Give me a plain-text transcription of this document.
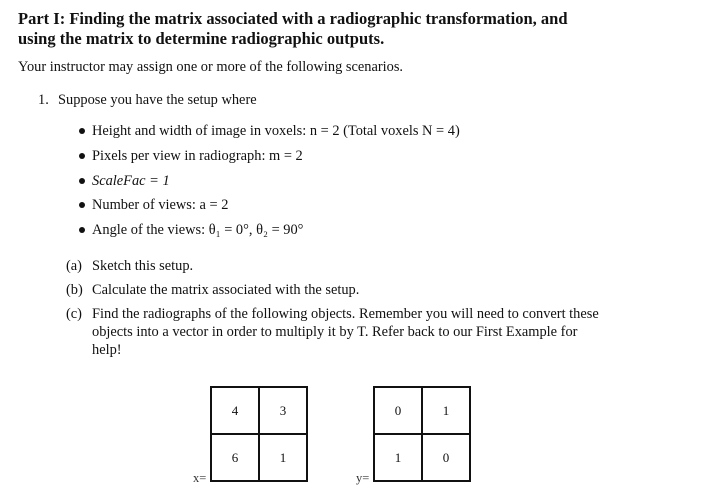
Part I: Finding the matrix associated with a radiographic transformation, and
using the matrix to determine radiographic outputs.
Your instructor may assign one or more of the following scenarios.
1. Suppose you have the setup where
Height and width of image in voxels: n = 2 (Total voxels N = 4)
Pixels per view in radiograph: m = 2
ScaleFac = 1
Number of views: a = 2
Angle of the views: θ₁ = 0°, θ₂ = 90°
(a) Sketch this setup.
(b) Calculate the matrix associated with the setup.
(c) Find the radiographs of the following objects. Remember you will need to convert these
objects into a vector in order to multiply it by T. Refer back to our First Example for
help!
x=
4	3
6	1
y=
0	1
1	0
